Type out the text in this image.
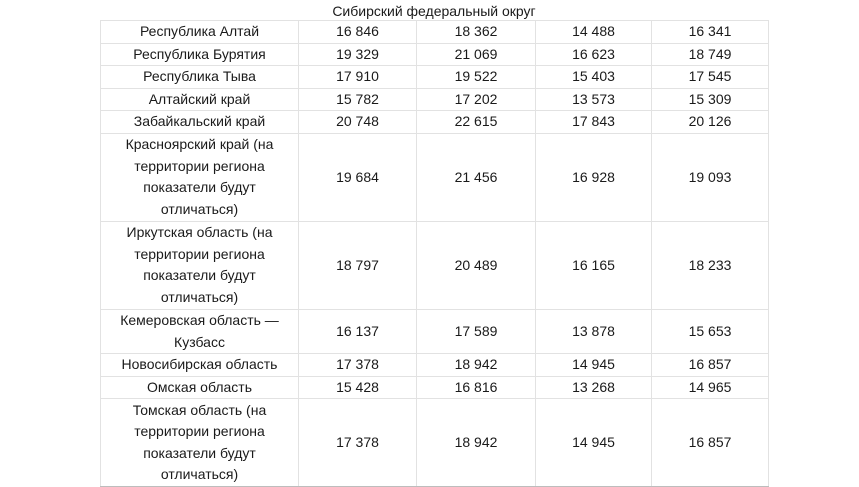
Сибирский федеральный округ
Республика Алтай	16 846	18 362	14 488	16 341
Республика Бурятия	19 329	21 069	16 623	18 749
Республика Тыва	17 910	19 522	15 403	17 545
Алтайский край	15 782	17 202	13 573	15 309
Забайкальский край	20 748	22 615	17 843	20 126
Красноярский край (на территории региона показатели будут отличаться)	19 684	21 456	16 928	19 093
Иркутская область (на территории региона показатели будут отличаться)	18 797	20 489	16 165	18 233
Кемеровская область — Кузбасс	16 137	17 589	13 878	15 653
Новосибирская область	17 378	18 942	14 945	16 857
Омская область	15 428	16 816	13 268	14 965
Томская область (на территории региона показатели будут отличаться)	17 378	18 942	14 945	16 857
